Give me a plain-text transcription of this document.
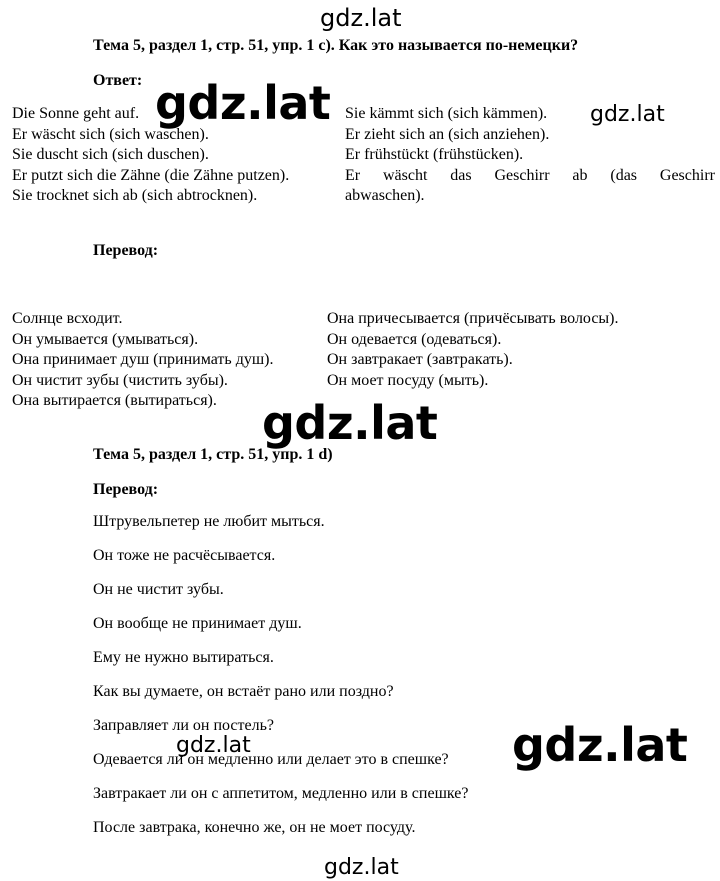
gdz.lat
gdz.lat	gdz.lat
gdz.lat
gdz.lat	gdz.lat
gdz.lat
Тема 5, раздел 1, стр. 51, упр. 1 с). Как это называется по-немецки?
Ответ:
Die Sonne geht auf.
Er wäscht sich (sich waschen).
Sie duscht sich (sich duschen).
Er putzt sich die Zähne (die Zähne putzen).
Sie trocknet sich ab (sich abtrocknen).
Sie kämmt sich (sich kämmen).
Er zieht sich an (sich anziehen).
Er frühstückt (frühstücken).
Er wäscht das Geschirr ab (das Geschirr
abwaschen).
Перевод:
Солнце всходит.
Он умывается (умываться).
Она принимает душ (принимать душ).
Он чистит зубы (чистить зубы).
Она вытирается (вытираться).
Она причесывается (причёсывать волосы).
Он одевается (одеваться).
Он завтракает (завтракать).
Он моет посуду (мыть).
Тема 5, раздел 1, стр. 51, упр. 1 d)
Перевод:
Штрувельпетер не любит мыться.
Он тоже не расчёсывается.
Он не чистит зубы.
Он вообще не принимает душ.
Ему не нужно вытираться.
Как вы думаете, он встаёт рано или поздно?
Заправляет ли он постель?
Одевается ли он медленно или делает это в спешке?
Завтракает ли он с аппетитом, медленно или в спешке?
После завтрака, конечно же, он не моет посуду.
